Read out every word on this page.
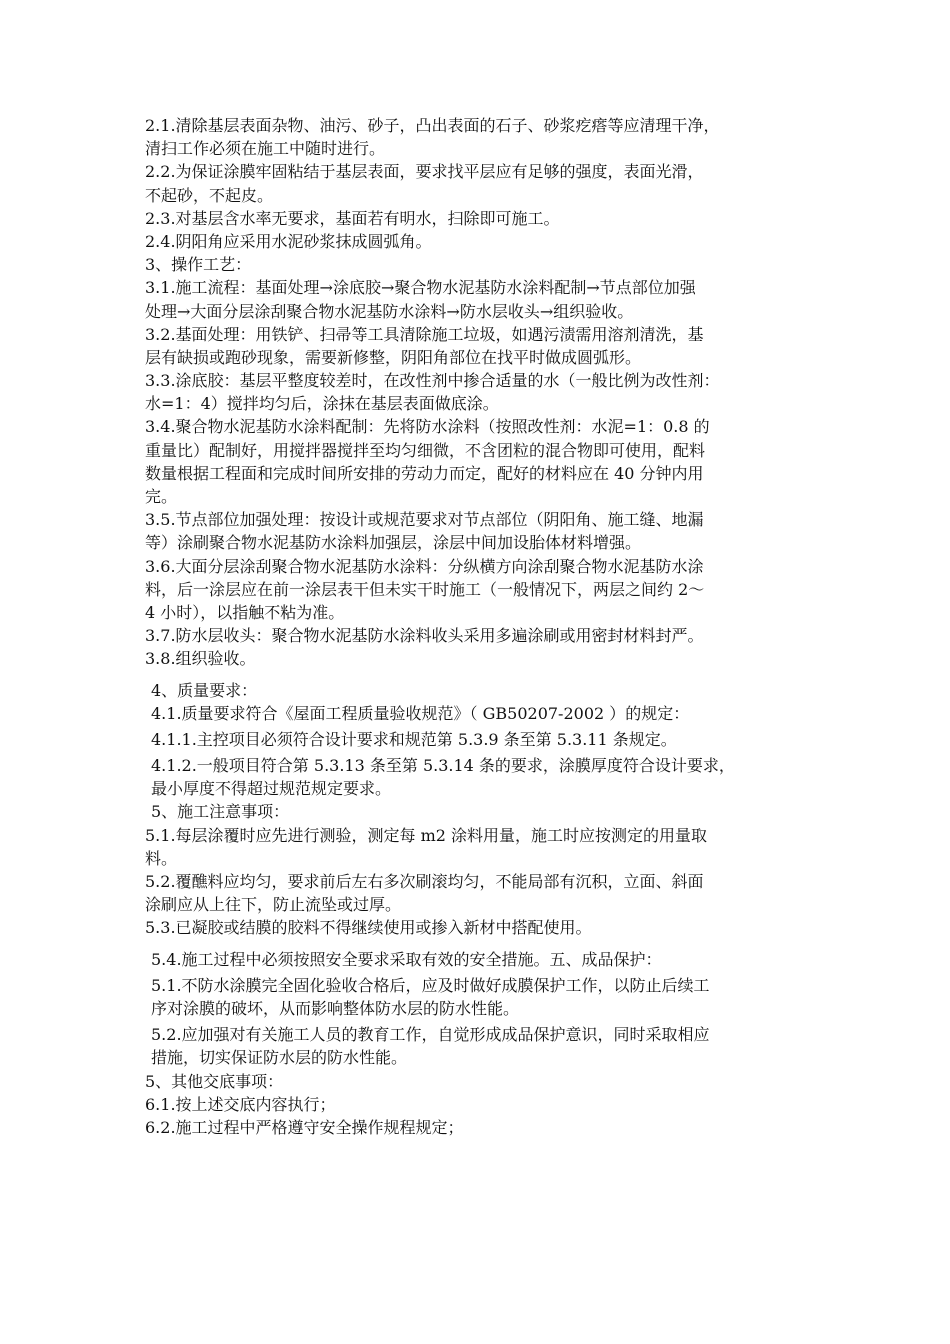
2.1.清除基层表面杂物、油污、砂子，凸出表面的石子、砂浆疙瘩等应清理干净，
清扫工作必须在施工中随时进行。
2.2.为保证涂膜牢固粘结于基层表面，要求找平层应有足够的强度，表面光滑，
不起砂，不起皮。
2.3.对基层含水率无要求，基面若有明水，扫除即可施工。
2.4.阴阳角应采用水泥砂浆抹成圆弧角。
3、操作工艺：
3.1.施工流程：基面处理→涂底胶→聚合物水泥基防水涂料配制→节点部位加强
处理→大面分层涂刮聚合物水泥基防水涂料→防水层收头→组织验收。
3.2.基面处理：用铁铲、扫帚等工具清除施工垃圾，如遇污渍需用溶剂清洗，基
层有缺损或跑砂现象，需要新修整，阴阳角部位在找平时做成圆弧形。
3.3.涂底胶：基层平整度较差时，在改性剂中掺合适量的水（一般比例为改性剂：
水=1：4）搅拌均匀后，涂抹在基层表面做底涂。
3.4.聚合物水泥基防水涂料配制：先将防水涂料（按照改性剂：水泥=1：0.8 的
重量比）配制好，用搅拌器搅拌至均匀细微，不含团粒的混合物即可使用，配料
数量根据工程面和完成时间所安排的劳动力而定，配好的材料应在 40 分钟内用
完。
3.5.节点部位加强处理：按设计或规范要求对节点部位（阴阳角、施工缝、地漏
等）涂刷聚合物水泥基防水涂料加强层，涂层中间加设胎体材料增强。
3.6.大面分层涂刮聚合物水泥基防水涂料：分纵横方向涂刮聚合物水泥基防水涂
料，后一涂层应在前一涂层表干但未实干时施工（一般情况下，两层之间约 2～
4 小时），以指触不粘为准。
3.7.防水层收头：聚合物水泥基防水涂料收头采用多遍涂刷或用密封材料封严。
3.8.组织验收。
4、质量要求：
4.1.质量要求符合《屋面工程质量验收规范》（ GB50207-2002 ）的规定：
4.1.1.主控项目必须符合设计要求和规范第 5.3.9 条至第 5.3.11 条规定。
4.1.2.一般项目符合第 5.3.13 条至第 5.3.14 条的要求，涂膜厚度符合设计要求，
最小厚度不得超过规范规定要求。
5、施工注意事项：
5.1.每层涂覆时应先进行测验，测定每 m2 涂料用量，施工时应按测定的用量取
料。
5.2.覆醮料应均匀，要求前后左右多次刷滚均匀，不能局部有沉积，立面、斜面
涂刷应从上往下，防止流坠或过厚。
5.3.已凝胶或结膜的胶料不得继续使用或掺入新材中搭配使用。
5.4.施工过程中必须按照安全要求采取有效的安全措施。五、成品保护：
5.1.不防水涂膜完全固化验收合格后，应及时做好成膜保护工作，以防止后续工
序对涂膜的破坏，从而影响整体防水层的防水性能。
5.2.应加强对有关施工人员的教育工作，自觉形成成品保护意识，同时采取相应
措施，切实保证防水层的防水性能。
5、其他交底事项：
6.1.按上述交底内容执行；
6.2.施工过程中严格遵守安全操作规程规定；
